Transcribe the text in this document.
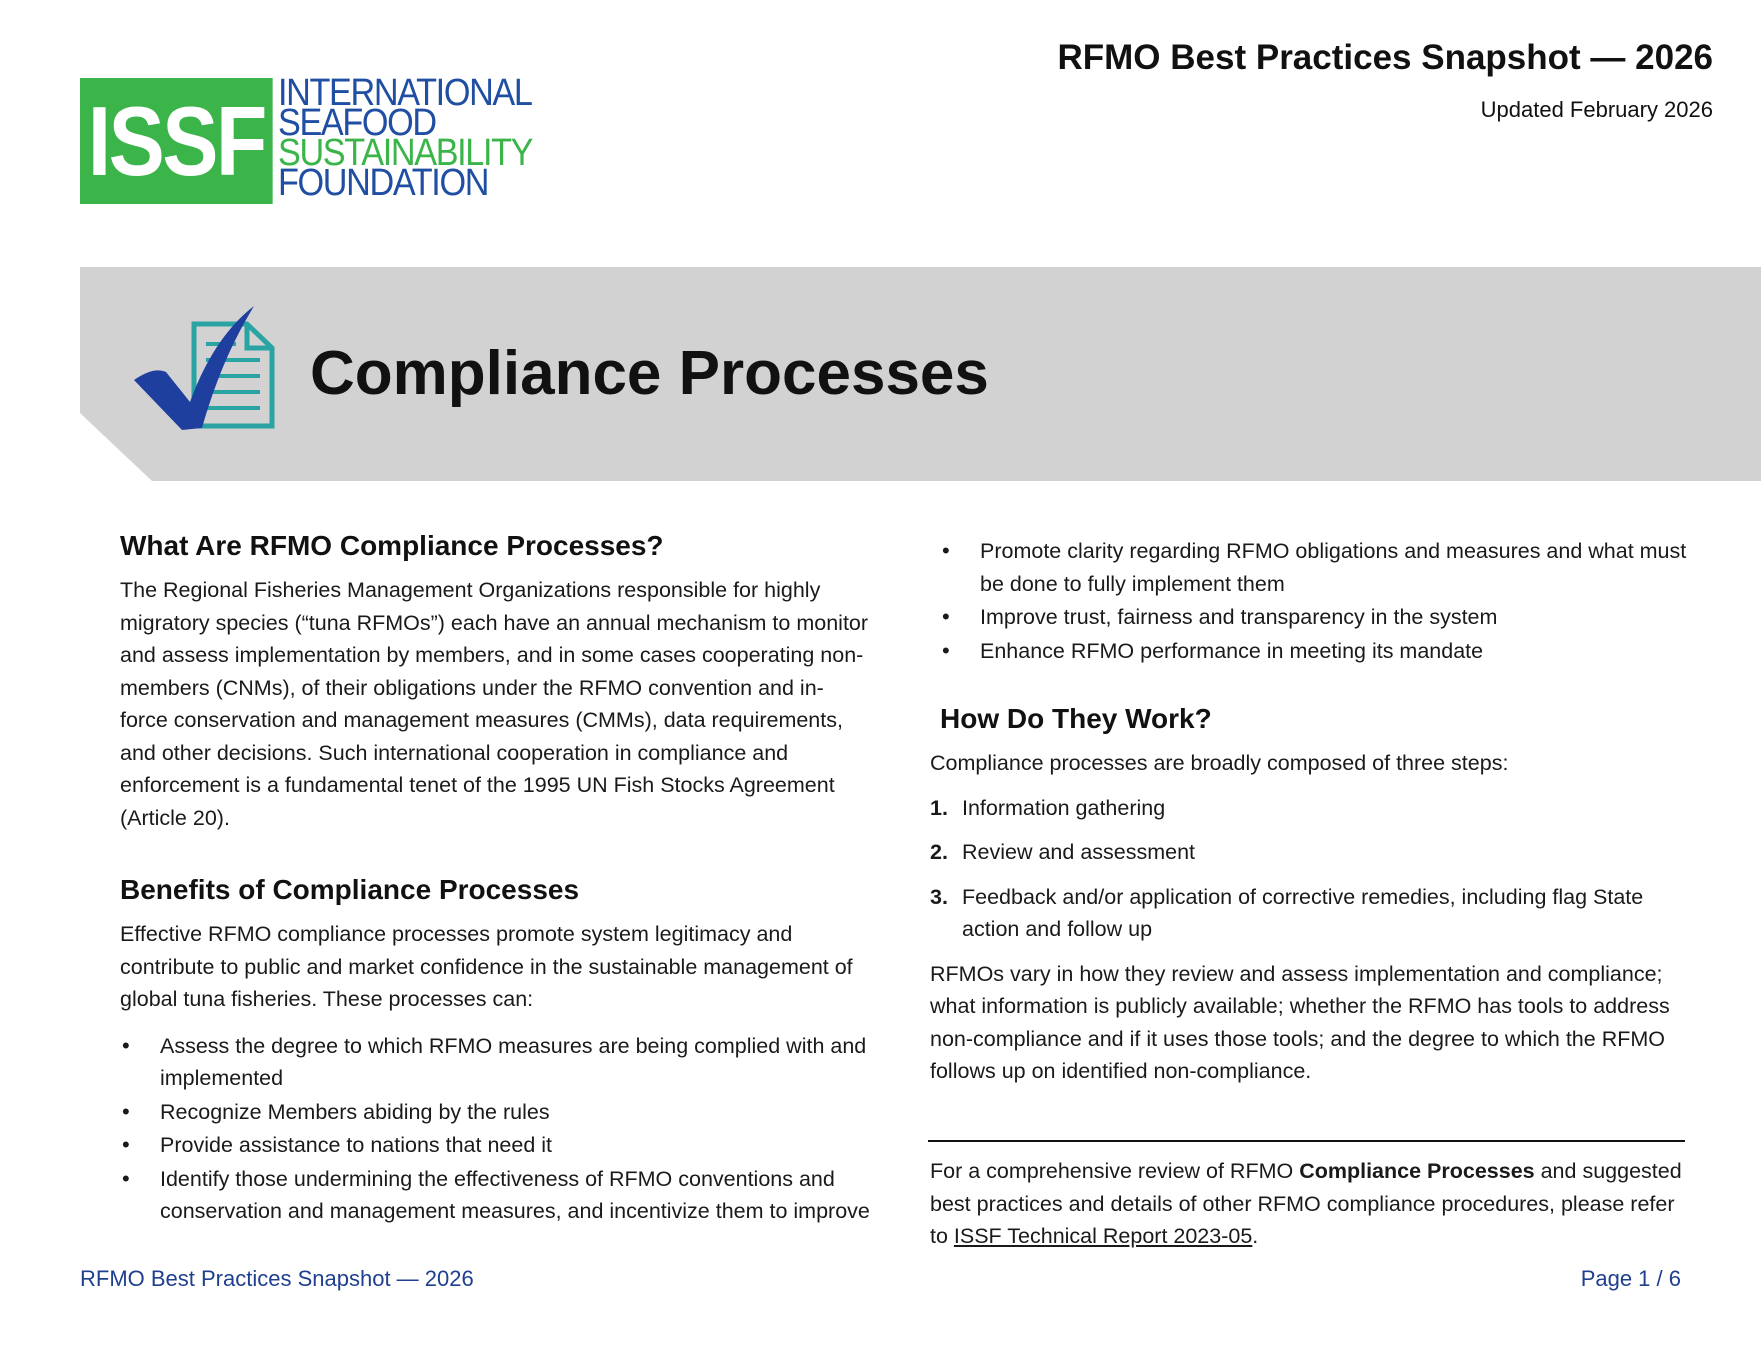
ISSF INTERNATIONAL
SEAFOOD
SUSTAINABILITY
FOUNDATION
RFMO Best Practices Snapshot — 2026
Updated February 2026
Compliance Processes
What Are RFMO Compliance Processes?
The Regional Fisheries Management Organizations responsible for highly migratory species (“tuna RFMOs”) each have an annual mechanism to monitor and assess implementation by members, and in some cases cooperating non-members (CNMs), of their obligations under the RFMO convention and in-force conservation and management measures (CMMs), data requirements, and other decisions. Such international cooperation in compliance and enforcement is a fundamental tenet of the 1995 UN Fish Stocks Agreement (Article 20).
Benefits of Compliance Processes
Effective RFMO compliance processes promote system legitimacy and contribute to public and market confidence in the sustainable management of global tuna fisheries. These processes can:
• Assess the degree to which RFMO measures are being complied with and implemented
• Recognize Members abiding by the rules
• Provide assistance to nations that need it
• Identify those undermining the effectiveness of RFMO conventions and conservation and management measures, and incentivize them to improve
• Promote clarity regarding RFMO obligations and measures and what must be done to fully implement them
• Improve trust, fairness and transparency in the system
• Enhance RFMO performance in meeting its mandate
How Do They Work?
Compliance processes are broadly composed of three steps:
1. Information gathering
2. Review and assessment
3. Feedback and/or application of corrective remedies, including flag State action and follow up
RFMOs vary in how they review and assess implementation and compliance; what information is publicly available; whether the RFMO has tools to address non-compliance and if it uses those tools; and the degree to which the RFMO follows up on identified non-compliance.
For a comprehensive review of RFMO Compliance Processes and suggested best practices and details of other RFMO compliance procedures, please refer to ISSF Technical Report 2023-05.
RFMO Best Practices Snapshot — 2026	Page 1 / 6
